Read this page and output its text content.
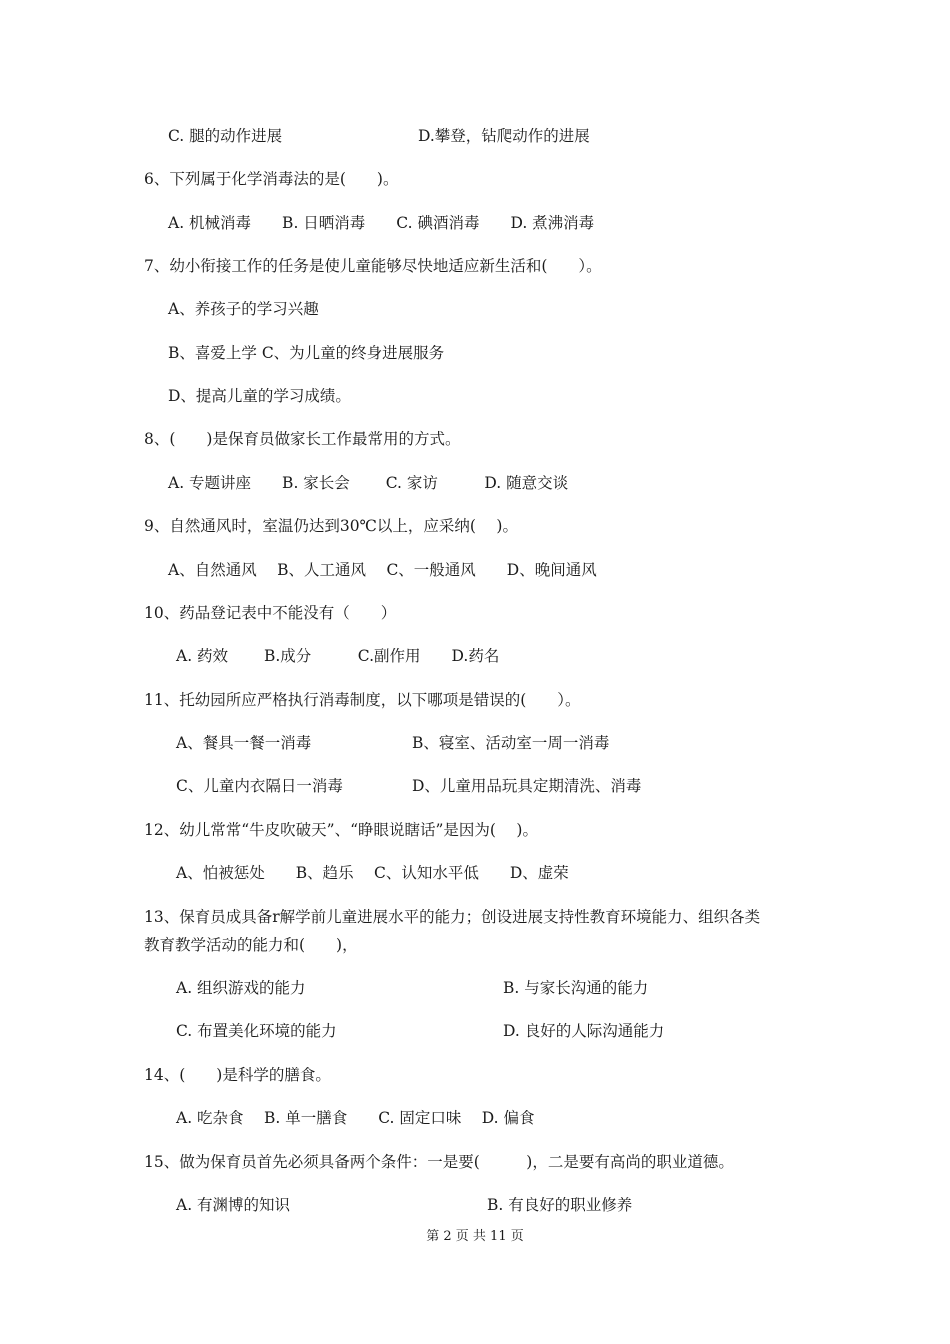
C. 腿的动作进展	D.攀登，钻爬动作的进展
6、下列属于化学消毒法的是(　　)。
A. 机械消毒　　B. 日晒消毒　　C. 碘酒消毒　　D. 煮沸消毒
7、幼小衔接工作的任务是使儿童能够尽快地适应新生活和(　　）。
A、养孩子的学习兴趣
B、喜爱上学 C、为儿童的终身进展服务
D、提高儿童的学习成绩。
8、(　　)是保育员做家长工作最常用的方式。
A. 专题讲座　　B. 家长会　　 C. 家访　　　D. 随意交谈
9、自然通风时，室温仍达到30℃以上，应采纳(　 )。
A、自然通风　 B、人工通风　 C、一般通风　　D、晚间通风
10、药品登记表中不能没有（　　）
A. 药效　　 B.成分　　　C.副作用　　D.药名
11、托幼园所应严格执行消毒制度，以下哪项是错误的(　　）。
A、餐具一餐一消毒	B、寝室、活动室一周一消毒
C、儿童内衣隔日一消毒	D、儿童用品玩具定期清洗、消毒
12、幼儿常常“牛皮吹破天”、“睁眼说瞎话”是因为(　 )。
A、怕被惩处　　B、趋乐　 C、认知水平低　　D、虚荣
13、保育员成具备r解学前儿童进展水平的能力；创设进展支持性教育环境能力、组织各类
教育教学活动的能力和(　　)，
A. 组织游戏的能力	B. 与家长沟通的能力
C. 布置美化环境的能力	D. 良好的人际沟通能力
14、(　　)是科学的膳食。
A. 吃杂食　 B. 单一膳食　　C. 固定口味　 D. 偏食
15、做为保育员首先必须具备两个条件：一是要(　　　)，二是要有高尚的职业道德。
A. 有渊博的知识	B. 有良好的职业修养
第 2 页 共 11 页
